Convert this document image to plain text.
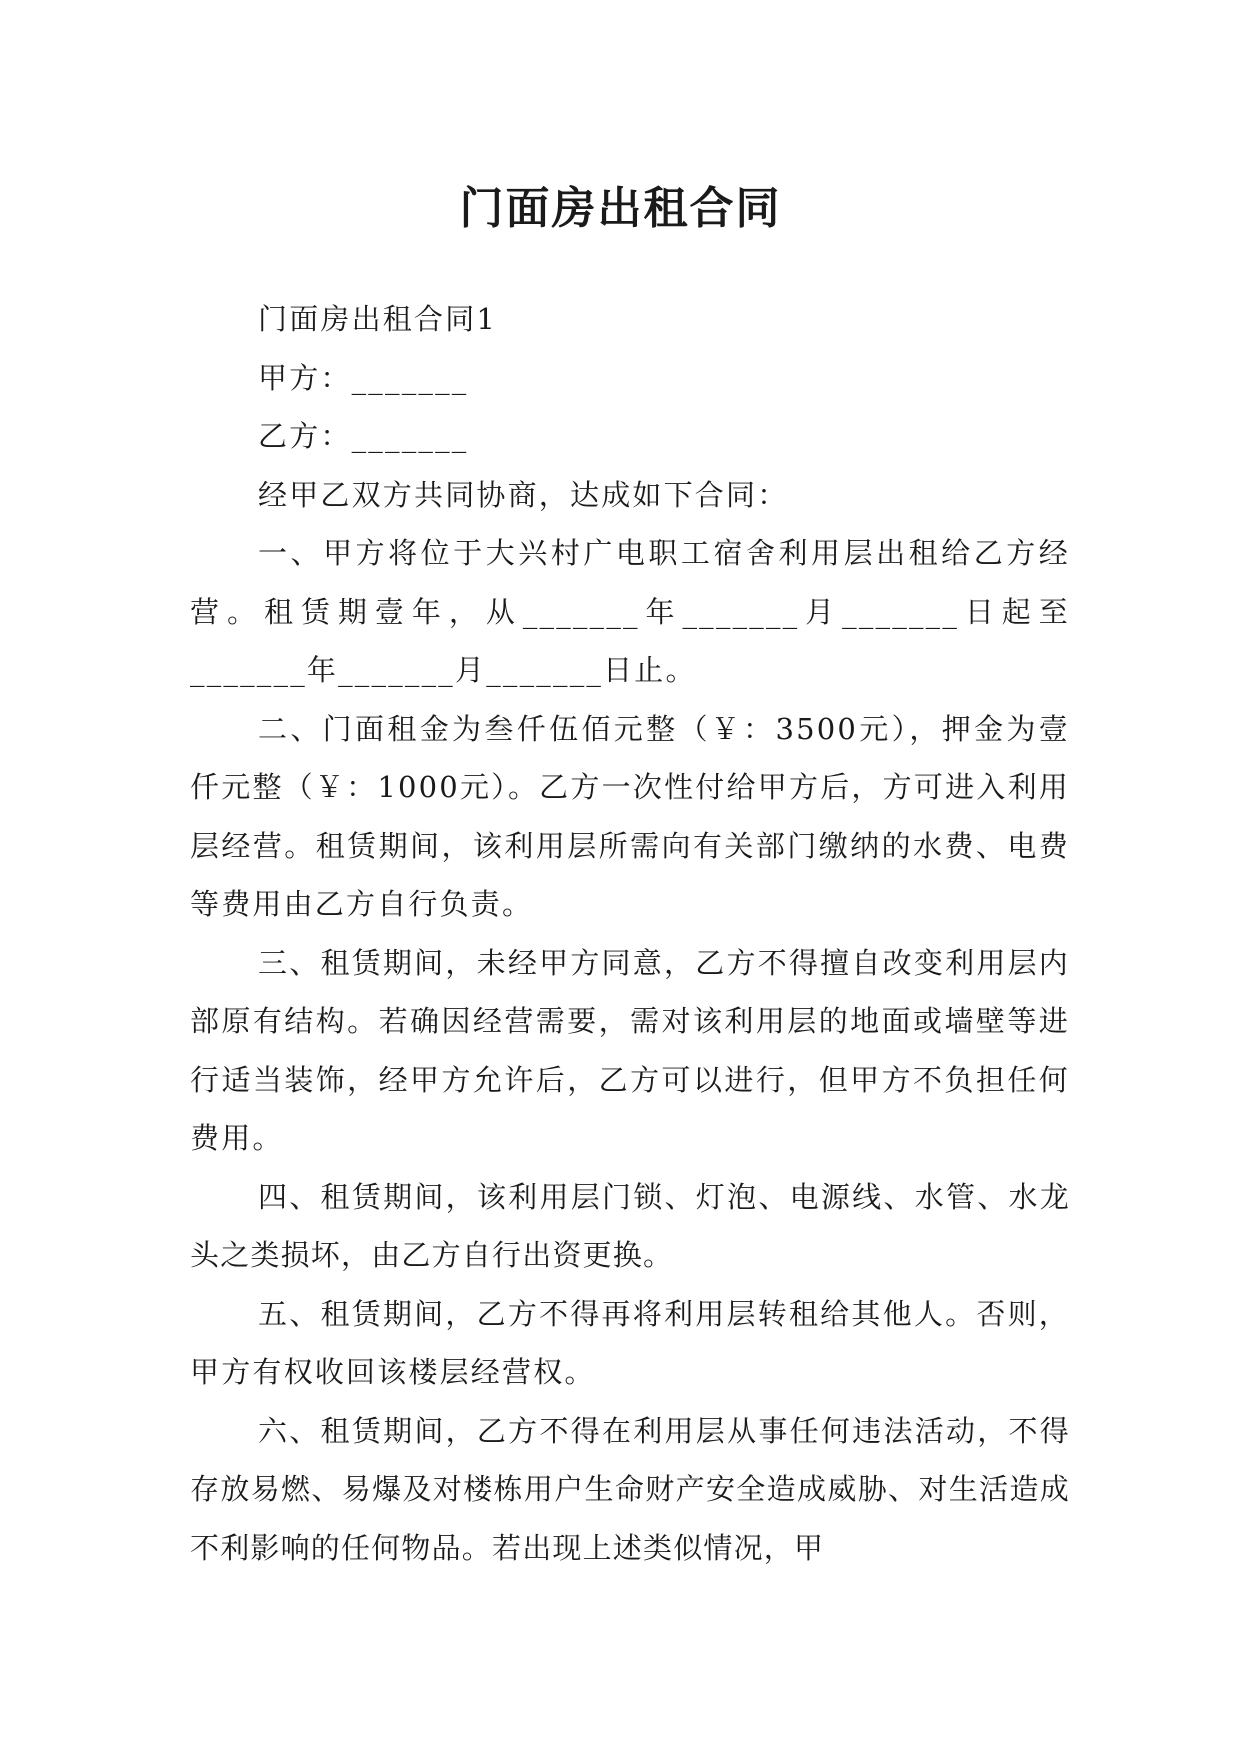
门面房出租合同

门面房出租合同1

甲方：_______

乙方：_______

经甲乙双方共同协商，达成如下合同：

一、甲方将位于大兴村广电职工宿舍利用层出租给乙方经营。租赁期壹年，从_______年_______月_______日起至_______年_______月_______日止。

二、门面租金为叁仟伍佰元整（￥：3500元），押金为壹仟元整（￥：1000元）。乙方一次性付给甲方后，方可进入利用层经营。租赁期间，该利用层所需向有关部门缴纳的水费、电费等费用由乙方自行负责。

三、租赁期间，未经甲方同意，乙方不得擅自改变利用层内部原有结构。若确因经营需要，需对该利用层的地面或墙壁等进行适当装饰，经甲方允许后，乙方可以进行，但甲方不负担任何费用。

四、租赁期间，该利用层门锁、灯泡、电源线、水管、水龙头之类损坏，由乙方自行出资更换。

五、租赁期间，乙方不得再将利用层转租给其他人。否则，甲方有权收回该楼层经营权。

六、租赁期间，乙方不得在利用层从事任何违法活动，不得存放易燃、易爆及对楼栋用户生命财产安全造成威胁、对生活造成不利影响的任何物品。若出现上述类似情况，甲
